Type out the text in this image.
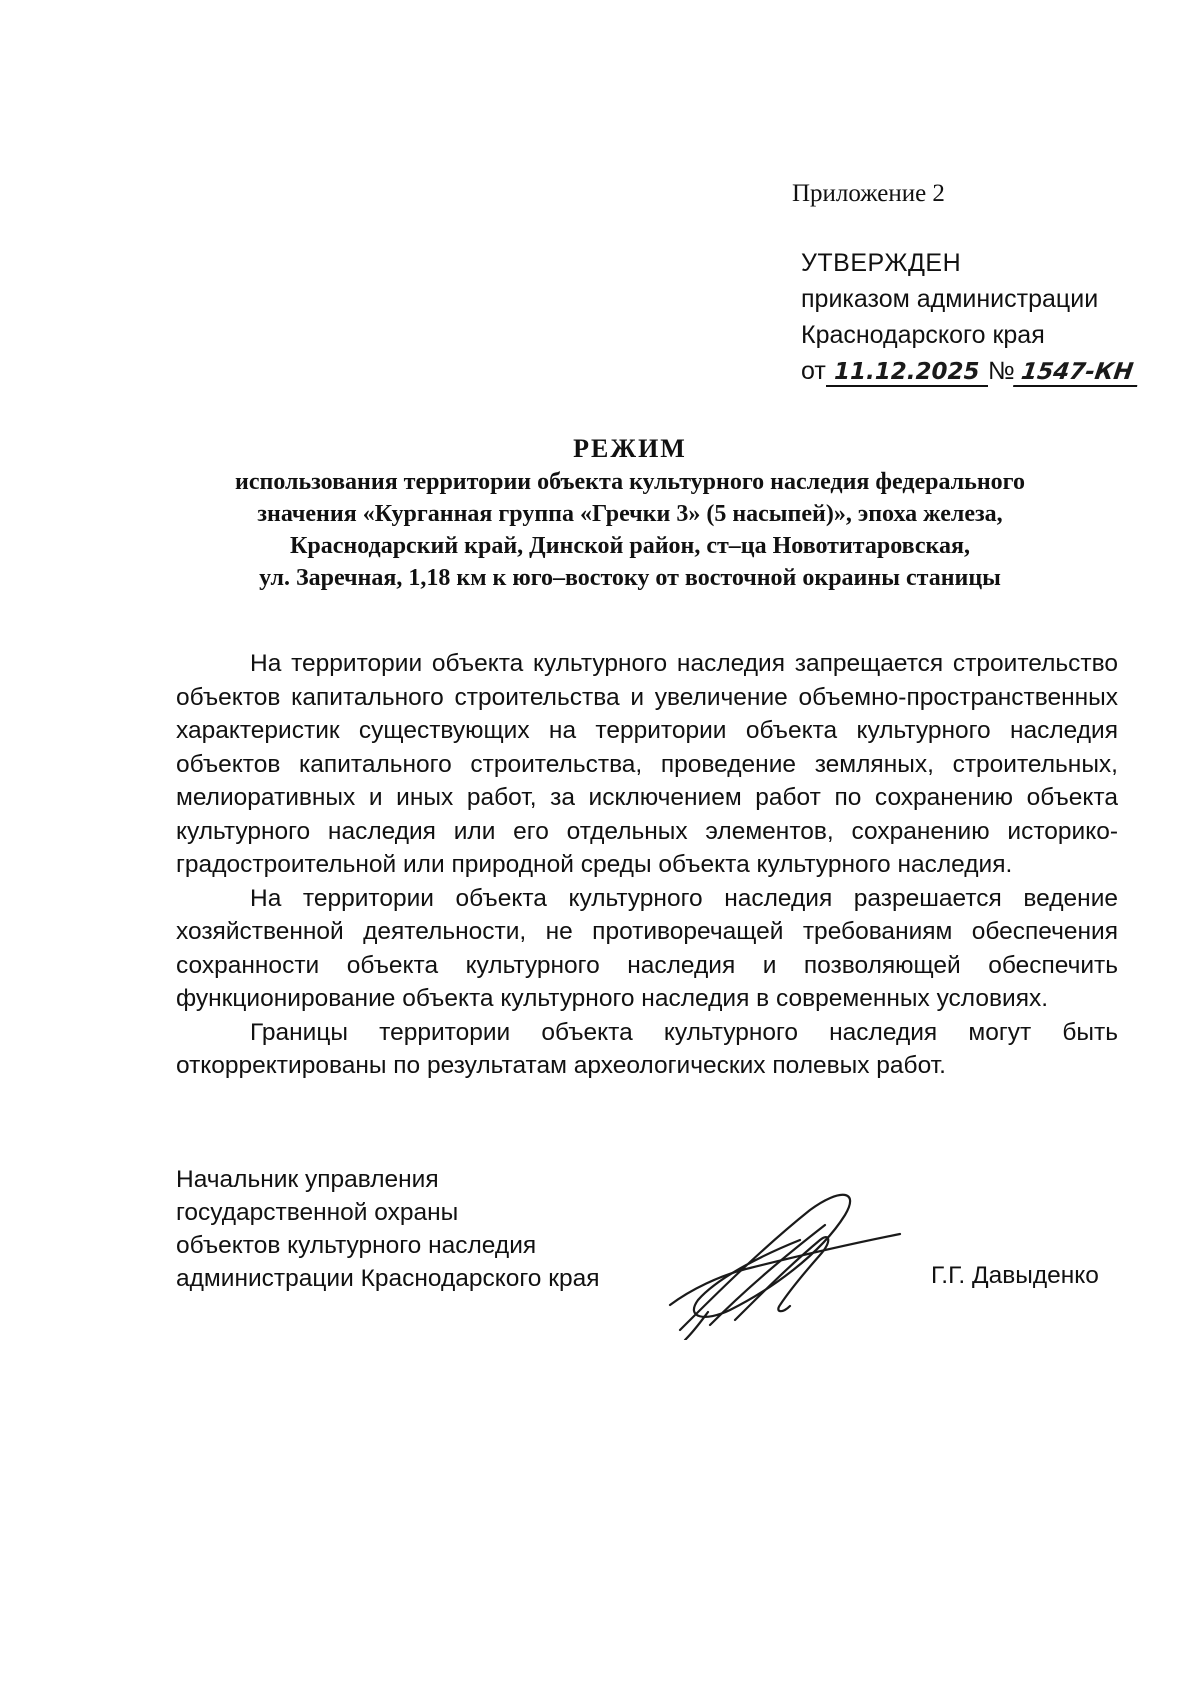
Приложение 2
УТВЕРЖДЕН
приказом администрации
Краснодарского края
от 11.12.2025 № 1547-КН
РЕЖИМ
использования территории объекта культурного наследия федерального
значения «Курганная группа «Гречки 3» (5 насыпей)», эпоха железа,
Краснодарский край, Динской район, ст–ца Новотитаровская,
ул. Заречная, 1,18 км к юго–востоку от восточной окраины станицы

На территории объекта культурного наследия запрещается строительство объектов капитального строительства и увеличение объемно-пространственных характеристик существующих на территории объекта культурного наследия объектов капитального строительства, проведение земляных, строительных, мелиоративных и иных работ, за исключением работ по сохранению объекта культурного наследия или его отдельных элементов, сохранению историко-градостроительной или природной среды объекта культурного наследия.

На территории объекта культурного наследия разрешается ведение хозяйственной деятельности, не противоречащей требованиям обеспечения сохранности объекта культурного наследия и позволяющей обеспечить функционирование объекта культурного наследия в современных условиях.

Границы территории объекта культурного наследия могут быть откорректированы по результатам археологических полевых работ.

Начальник управления
государственной охраны
объектов культурного наследия
администрации Краснодарского края	Г.Г. Давыденко
